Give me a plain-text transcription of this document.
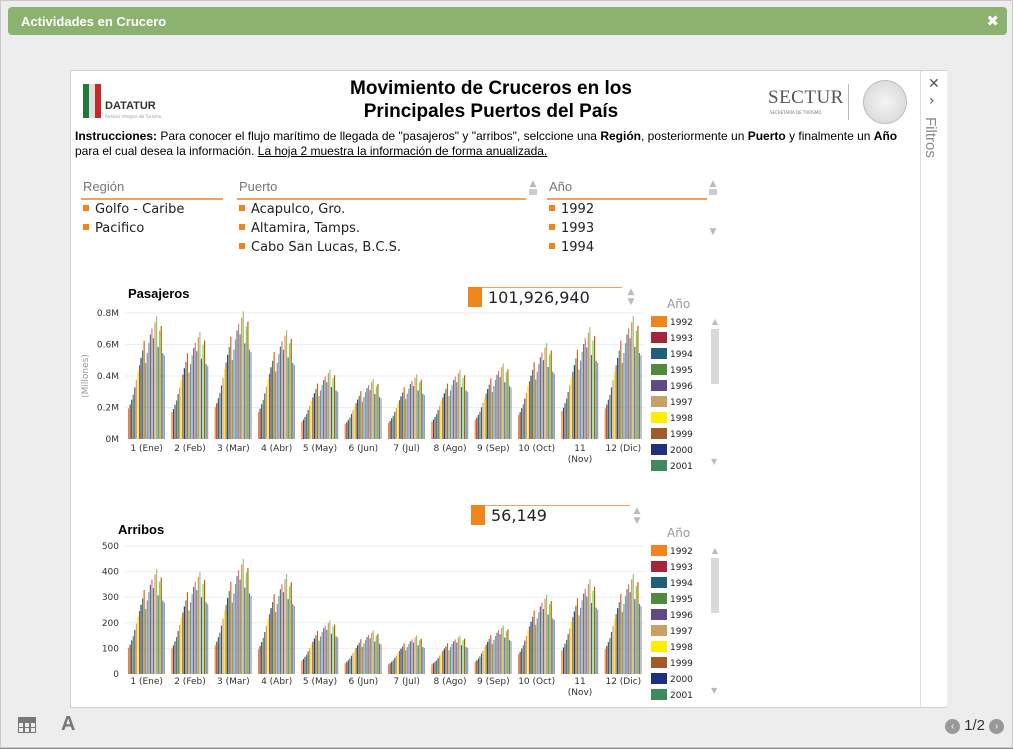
Actividades en Crucero	✖
DATATUR
Análisis Integral del Turismo
Movimiento de Cruceros en los
Principales Puertos del País
SECTUR
SECRETARÍA DE TURISMO
Instrucciones: Para conocer el flujo marítimo de llegada de "pasajeros" y "arribos", selccione una Región, posteriormente un Puerto y finalmente un Año para el cual desea la información. La hoja 2 muestra la información de forma anualizada.
Región
Golfo - Caribe
Pacifico
Puerto
Acapulco, Gro.
Altamira, Tamps.
Cabo San Lucas, B.C.S.
▲ Año
1992
1993
1994
▲
▼
Pasajeros	101,926,940	▲
▼
0M
0.2M
0.4M
0.6M
0.8M
(Millones)
1 (Ene) 2 (Feb) 3 (Mar) 4 (Abr) 5 (May) 6 (Jun) 7 (Jul) 8 (Ago) 9 (Sep) 10 (Oct) 11
(Nov)
12 (Dic)
Año
1992
1993
1994
1995
1996
1997
1998
1999
2000
2001
▲
▼
Arribos
56,149	▲
▼
0
100
200
300
400
500
1 (Ene) 2 (Feb) 3 (Mar) 4 (Abr) 5 (May) 6 (Jun) 7 (Jul) 8 (Ago) 9 (Sep) 10 (Oct) 11
(Nov)
12 (Dic)
Año
1992
1993
1994
1995
1996
1997
1998
1999
2000
2001
▲
▼
✕
›
Filtros
A	‹ 1/2 ›
